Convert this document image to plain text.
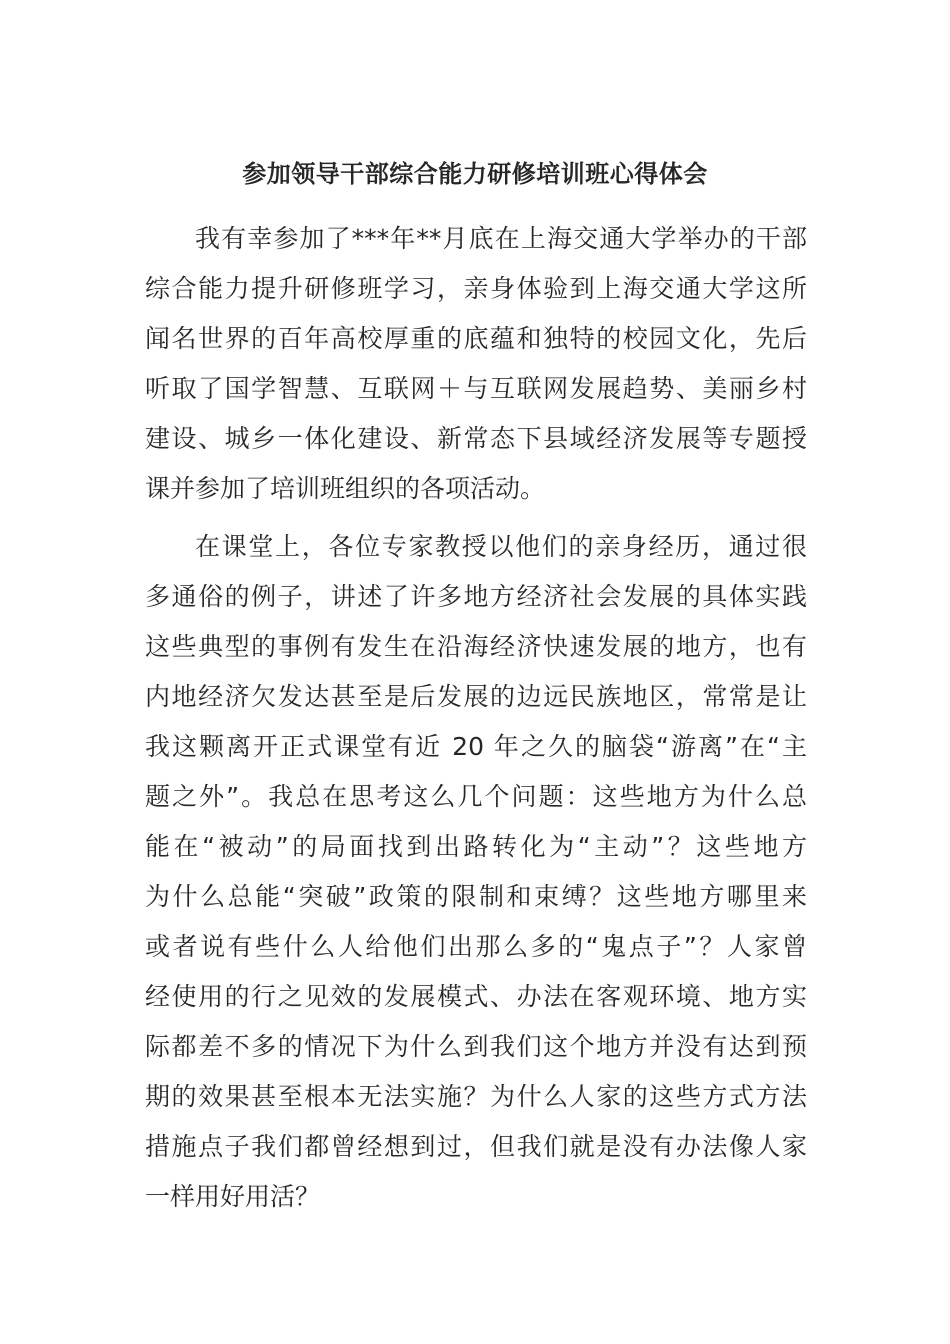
参加领导干部综合能力研修培训班心得体会
我有幸参加了***年**月底在上海交通大学举办的干部
综合能力提升研修班学习，亲身体验到上海交通大学这所
闻名世界的百年高校厚重的底蕴和独特的校园文化，先后
听取了国学智慧、互联网＋与互联网发展趋势、美丽乡村
建设、城乡一体化建设、新常态下县域经济发展等专题授
课并参加了培训班组织的各项活动。
在课堂上，各位专家教授以他们的亲身经历，通过很
多通俗的例子，讲述了许多地方经济社会发展的具体实践
这些典型的事例有发生在沿海经济快速发展的地方，也有
内地经济欠发达甚至是后发展的边远民族地区，常常是让
我这颗离开正式课堂有近 20 年之久的脑袋“游离”在“主
题之外”。我总在思考这么几个问题：这些地方为什么总
能在“被动”的局面找到出路转化为“主动”？这些地方
为什么总能“突破”政策的限制和束缚？这些地方哪里来
或者说有些什么人给他们出那么多的“鬼点子”？人家曾
经使用的行之见效的发展模式、办法在客观环境、地方实
际都差不多的情况下为什么到我们这个地方并没有达到预
期的效果甚至根本无法实施？为什么人家的这些方式方法
措施点子我们都曾经想到过，但我们就是没有办法像人家
一样用好用活？
